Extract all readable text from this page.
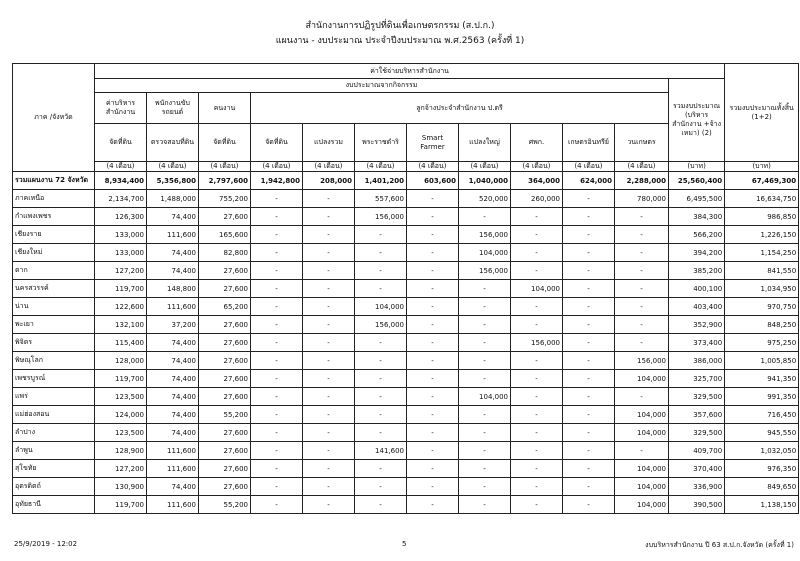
สำนักงานการปฏิรูปที่ดินเพื่อเกษตรกรรม (ส.ป.ก.)
แผนงาน - งบประมาณ ประจำปีงบประมาณ พ.ศ.2563 (ครั้งที่ 1)
ภาค /จังหวัด	ค่าใช้จ่ายบริหารสำนักงาน												รวมงบประมาณทั้งสิ้น (1+2)
	งบประมาณจากกิจกรรม											รวมงบประมาณ (บริหารสำนักงาน +จ้างเหมา) (2)	
	ค่าบริหารสำนักงาน	พนักงานขับรถยนต์	คนงาน	ลูกจ้างประจำสำนักงาน ป.ตรี									
	จัดที่ดิน	ตรวจสอบที่ดิน	จัดที่ดิน	จัดที่ดิน	แปลงรวม	พระราชดำริ	Smart Farmer	แปลงใหญ่	ศพก.	เกษตรอินทรีย์	วนเกษตร		
	(4 เดือน)	(4 เดือน)	(4 เดือน)	(4 เดือน)	(4 เดือน)	(4 เดือน)	(4 เดือน)	(4 เดือน)	(4 เดือน)	(4 เดือน)	(4 เดือน)	(บาท)	(บาท)
รวมแผนงาน 72 จังหวัด	8,934,400	5,356,800	2,797,600	1,942,800	208,000	1,401,200	603,600	1,040,000	364,000	624,000	2,288,000	25,560,400	67,469,300
ภาคเหนือ	2,134,700	1,488,000	755,200	-	-	557,600	-	520,000	260,000	-	780,000	6,495,500	16,634,750
กำแพงเพชร	126,300	74,400	27,600	-	-	156,000	-	-	-	-	-	384,300	986,850
เชียงราย	133,000	111,600	165,600	-	-	-	-	156,000	-	-	-	566,200	1,226,150
เชียงใหม่	133,000	74,400	82,800	-	-	-	-	104,000	-	-	-	394,200	1,154,250
ตาก	127,200	74,400	27,600	-	-	-	-	156,000	-	-	-	385,200	841,550
นครสวรรค์	119,700	148,800	27,600	-	-	-	-	-	104,000	-	-	400,100	1,034,950
น่าน	122,600	111,600	65,200	-	-	104,000	-	-	-	-	-	403,400	970,750
พะเยา	132,100	37,200	27,600	-	-	156,000	-	-	-	-	-	352,900	848,250
พิจิตร	115,400	74,400	27,600	-	-	-	-	-	156,000	-	-	373,400	975,250
พิษณุโลก	128,000	74,400	27,600	-	-	-	-	-	-	-	156,000	386,000	1,005,850
เพชรบูรณ์	119,700	74,400	27,600	-	-	-	-	-	-	-	104,000	325,700	941,350
แพร่	123,500	74,400	27,600	-	-	-	-	104,000	-	-	-	329,500	991,350
แม่ฮ่องสอน	124,000	74,400	55,200	-	-	-	-	-	-	-	104,000	357,600	716,450
ลำปาง	123,500	74,400	27,600	-	-	-	-	-	-	-	104,000	329,500	945,550
ลำพูน	128,900	111,600	27,600	-	-	141,600	-	-	-	-	-	409,700	1,032,050
สุโขทัย	127,200	111,600	27,600	-	-	-	-	-	-	-	104,000	370,400	976,350
อุตรดิตถ์	130,900	74,400	27,600	-	-	-	-	-	-	-	104,000	336,900	849,650
อุทัยธานี	119,700	111,600	55,200	-	-	-	-	-	-	-	104,000	390,500	1,138,150
25/9/2019 - 12:02	5	งบบริหารสำนักงาน ปี 63 ส.ป.ก.จังหวัด (ครั้งที่ 1)
